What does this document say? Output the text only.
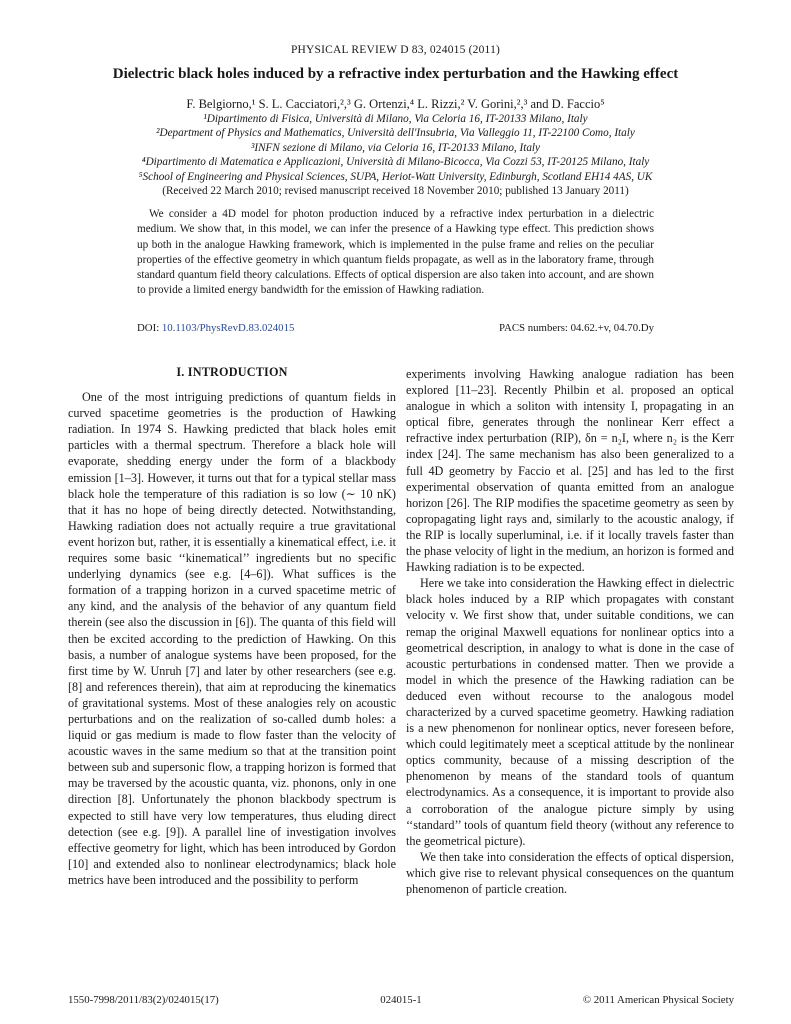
PHYSICAL REVIEW D 83, 024015 (2011)
Dielectric black holes induced by a refractive index perturbation and the Hawking effect
F. Belgiorno,¹ S. L. Cacciatori,²,³ G. Ortenzi,⁴ L. Rizzi,² V. Gorini,²,³ and D. Faccio⁵
¹Dipartimento di Fisica, Università di Milano, Via Celoria 16, IT-20133 Milano, Italy
²Department of Physics and Mathematics, Università dell'Insubria, Via Valleggio 11, IT-22100 Como, Italy
³INFN sezione di Milano, via Celoria 16, IT-20133 Milano, Italy
⁴Dipartimento di Matematica e Applicazioni, Università di Milano-Bicocca, Via Cozzi 53, IT-20125 Milano, Italy
⁵School of Engineering and Physical Sciences, SUPA, Heriot-Watt University, Edinburgh, Scotland EH14 4AS, UK
(Received 22 March 2010; revised manuscript received 18 November 2010; published 13 January 2011)

We consider a 4D model for photon production induced by a refractive index perturbation in a dielectric medium. We show that, in this model, we can infer the presence of a Hawking type effect. This prediction shows up both in the analogue Hawking framework, which is implemented in the pulse frame and relies on the peculiar properties of the effective geometry in which quantum fields propagate, as well as in the laboratory frame, through standard quantum field theory calculations. Effects of optical dispersion are also taken into account, and are shown to provide a limited energy bandwidth for the emission of Hawking radiation.

DOI: 10.1103/PhysRevD.83.024015	PACS numbers: 04.62.+v, 04.70.Dy
I. INTRODUCTION

One of the most intriguing predictions of quantum fields in curved spacetime geometries is the production of Hawking radiation. In 1974 S. Hawking predicted that black holes emit particles with a thermal spectrum. Therefore a black hole will evaporate, shedding energy under the form of a blackbody emission [1–3]. However, it turns out that for a typical stellar mass black hole the temperature of this radiation is so low (∼ 10 nK) that it has no hope of being directly detected. Notwithstanding, Hawking radiation does not actually require a true gravitational event horizon but, rather, it is essentially a kinematical effect, i.e. it requires some basic ‘‘kinematical’’ ingredients but no specific underlying dynamics (see e.g. [4–6]). What suffices is the formation of a trapping horizon in a curved spacetime metric of any kind, and the analysis of the behavior of any quantum field therein (see also the discussion in [6]). The quanta of this field will then be excited according to the prediction of Hawking. On this basis, a number of analogue systems have been proposed, for the first time by W. Unruh [7] and later by other researchers (see e.g. [8] and references therein), that aim at reproducing the kinematics of gravitational systems. Most of these analogies rely on acoustic perturbations and on the realization of so-called dumb holes: a liquid or gas medium is made to flow faster than the velocity of acoustic waves in the same medium so that at the transition point between sub and supersonic flow, a trapping horizon is formed that may be traversed by the acoustic quanta, viz. phonons, only in one direction [8]. Unfortunately the phonon blackbody spectrum is expected to still have very low temperatures, thus eluding direct detection (see e.g. [9]). A parallel line of investigation involves effective geometry for light, which has been introduced by Gordon [10] and extended also to nonlinear electrodynamics; black hole metrics have been introduced and the possibility to perform

experiments involving Hawking analogue radiation has been explored [11–23]. Recently Philbin et al. proposed an optical analogue in which a soliton with intensity I, propagating in an optical fibre, generates through the nonlinear Kerr effect a refractive index perturbation (RIP), δn = n₂I, where n₂ is the Kerr index [24]. The same mechanism has also been generalized to a full 4D geometry by Faccio et al. [25] and has led to the first experimental observation of quanta emitted from an analogue horizon [26]. The RIP modifies the spacetime geometry as seen by copropagating light rays and, similarly to the acoustic analogy, if the RIP is locally superluminal, i.e. if it locally travels faster than the phase velocity of light in the medium, an horizon is formed and Hawking radiation is to be expected.

Here we take into consideration the Hawking effect in dielectric black holes induced by a RIP which propagates with constant velocity v. We first show that, under suitable conditions, we can remap the original Maxwell equations for nonlinear optics into a geometrical description, in analogy to what is done in the case of acoustic perturbations in condensed matter. Then we provide a model in which the presence of the Hawking radiation can be deduced even without recourse to the analogous model characterized by a curved spacetime geometry. Hawking radiation is a new phenomenon for nonlinear optics, never foreseen before, which could legitimately meet a sceptical attitude by the nonlinear optics community, because of a missing description of the phenomenon by means of the standard tools of quantum electrodynamics. As a consequence, it is important to provide also a corroboration of the analogue picture simply by using ‘‘standard’’ tools of quantum field theory (without any reference to the geometrical picture).

We then take into consideration the effects of optical dispersion, which give rise to relevant physical consequences on the quantum phenomenon of particle creation.

1550-7998/2011/83(2)/024015(17)	024015-1	© 2011 American Physical Society
